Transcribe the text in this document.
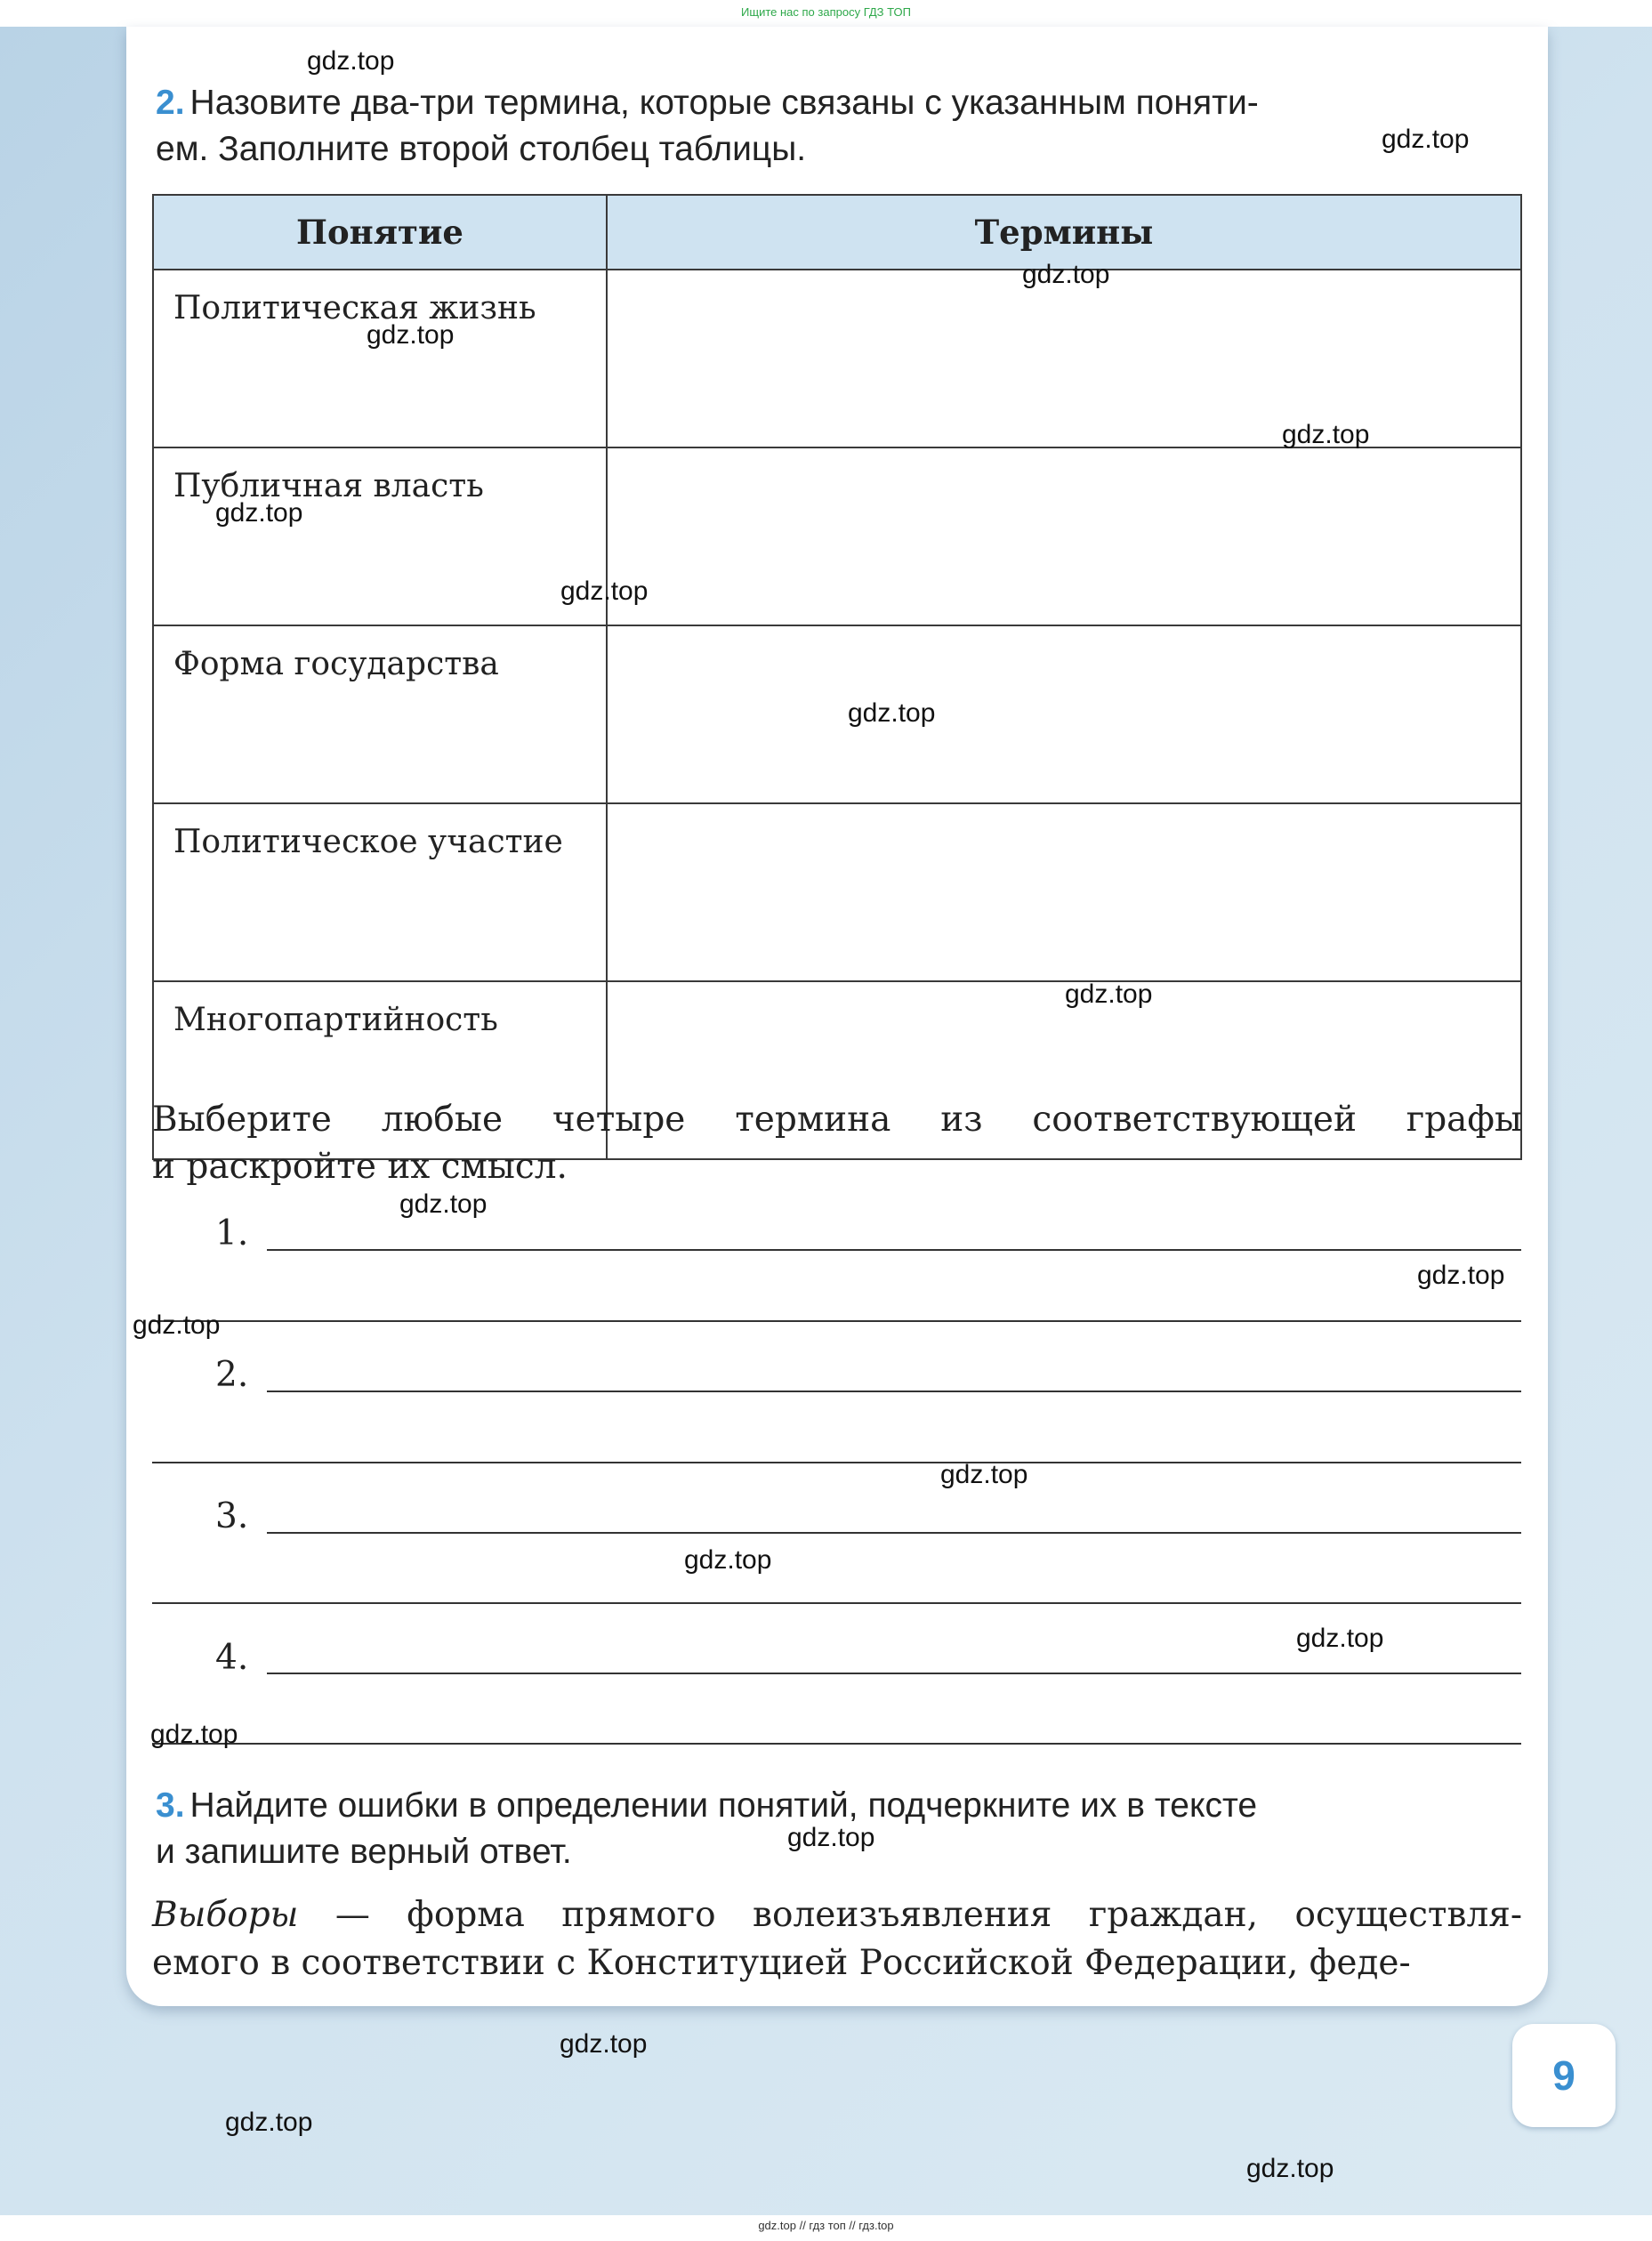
Ищите нас по запросу ГДЗ ТОП
2. Назовите два-три термина, которые связаны с указанным поняти-
ем. Заполните второй столбец таблицы.
Понятие	Термины
Политическая жизнь	
Публичная власть	
Форма государства	
Политическое участие	
Многопартийность	
Выберите любые четыре термина из соответствующей графы
и раскройте их смысл.
1.
2.
3.
4.
3. Найдите ошибки в определении понятий, подчеркните их в тексте
и запишите верный ответ.
Выборы — форма прямого волеизъявления граждан, осуществля-
емого в соответствии с Конституцией Российской Федерации, феде-
gdz.top
gdz.top
gdz.top
gdz.top
gdz.top
gdz.top
gdz.top
gdz.top
gdz.top
gdz.top
gdz.top
gdz.top
gdz.top
gdz.top
gdz.top
gdz.top
gdz.top
gdz.top
gdz.top
gdz.top
9
gdz.top // гдз топ // гдз.top
